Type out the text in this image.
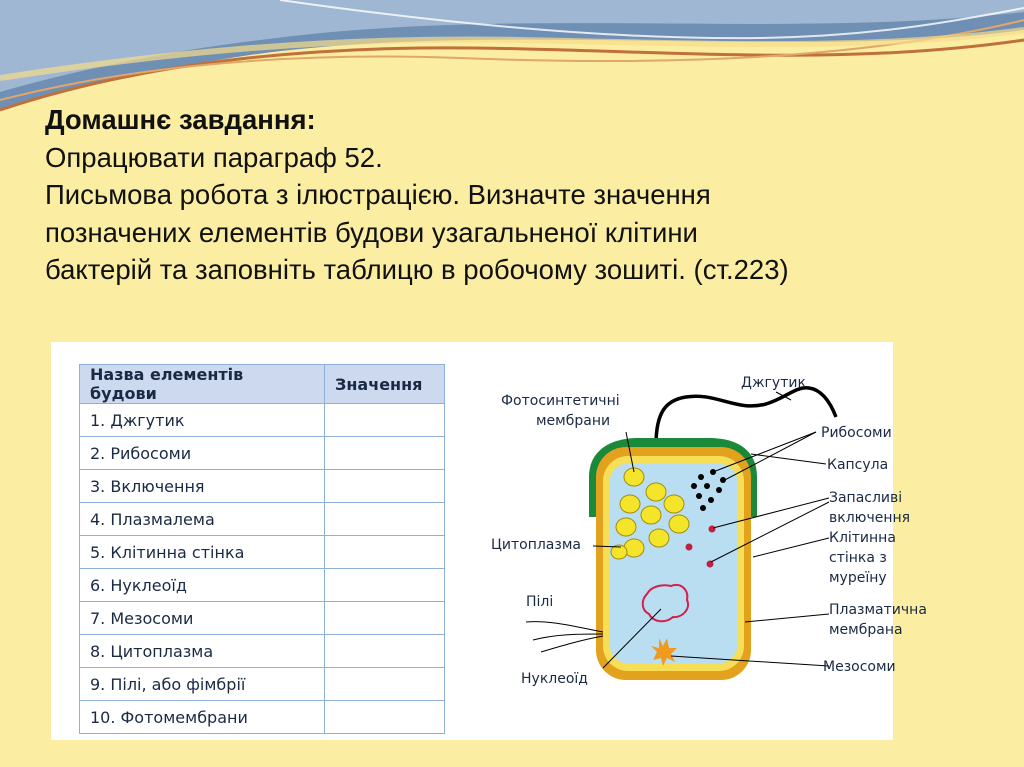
Домашнє завдання:
Опрацювати параграф 52.
Письмова робота з ілюстрацією. Визначте значення
позначених елементів будови узагальненої клітини
бактерій та заповніть таблицю в робочому зошиті. (ст.223)
Назва елементів будови	Значення
1. Джгутик	
2. Рибосоми	
3. Включення	
4. Плазмалема	
5. Клітинна стінка	
6. Нуклеоїд	
7. Мезосоми	
8. Цитоплазма	
9. Пілі, або фімбрії	
10. Фотомембрани	
Джгутик
Фотосинтетичні
мембрани
Рибосоми
Капсула
Запасливі
включення
Клітинна
стінка з
муреїну
Цитоплазма
Пілі	Плазматична
мембрана
Мезосоми
Нуклеоїд
